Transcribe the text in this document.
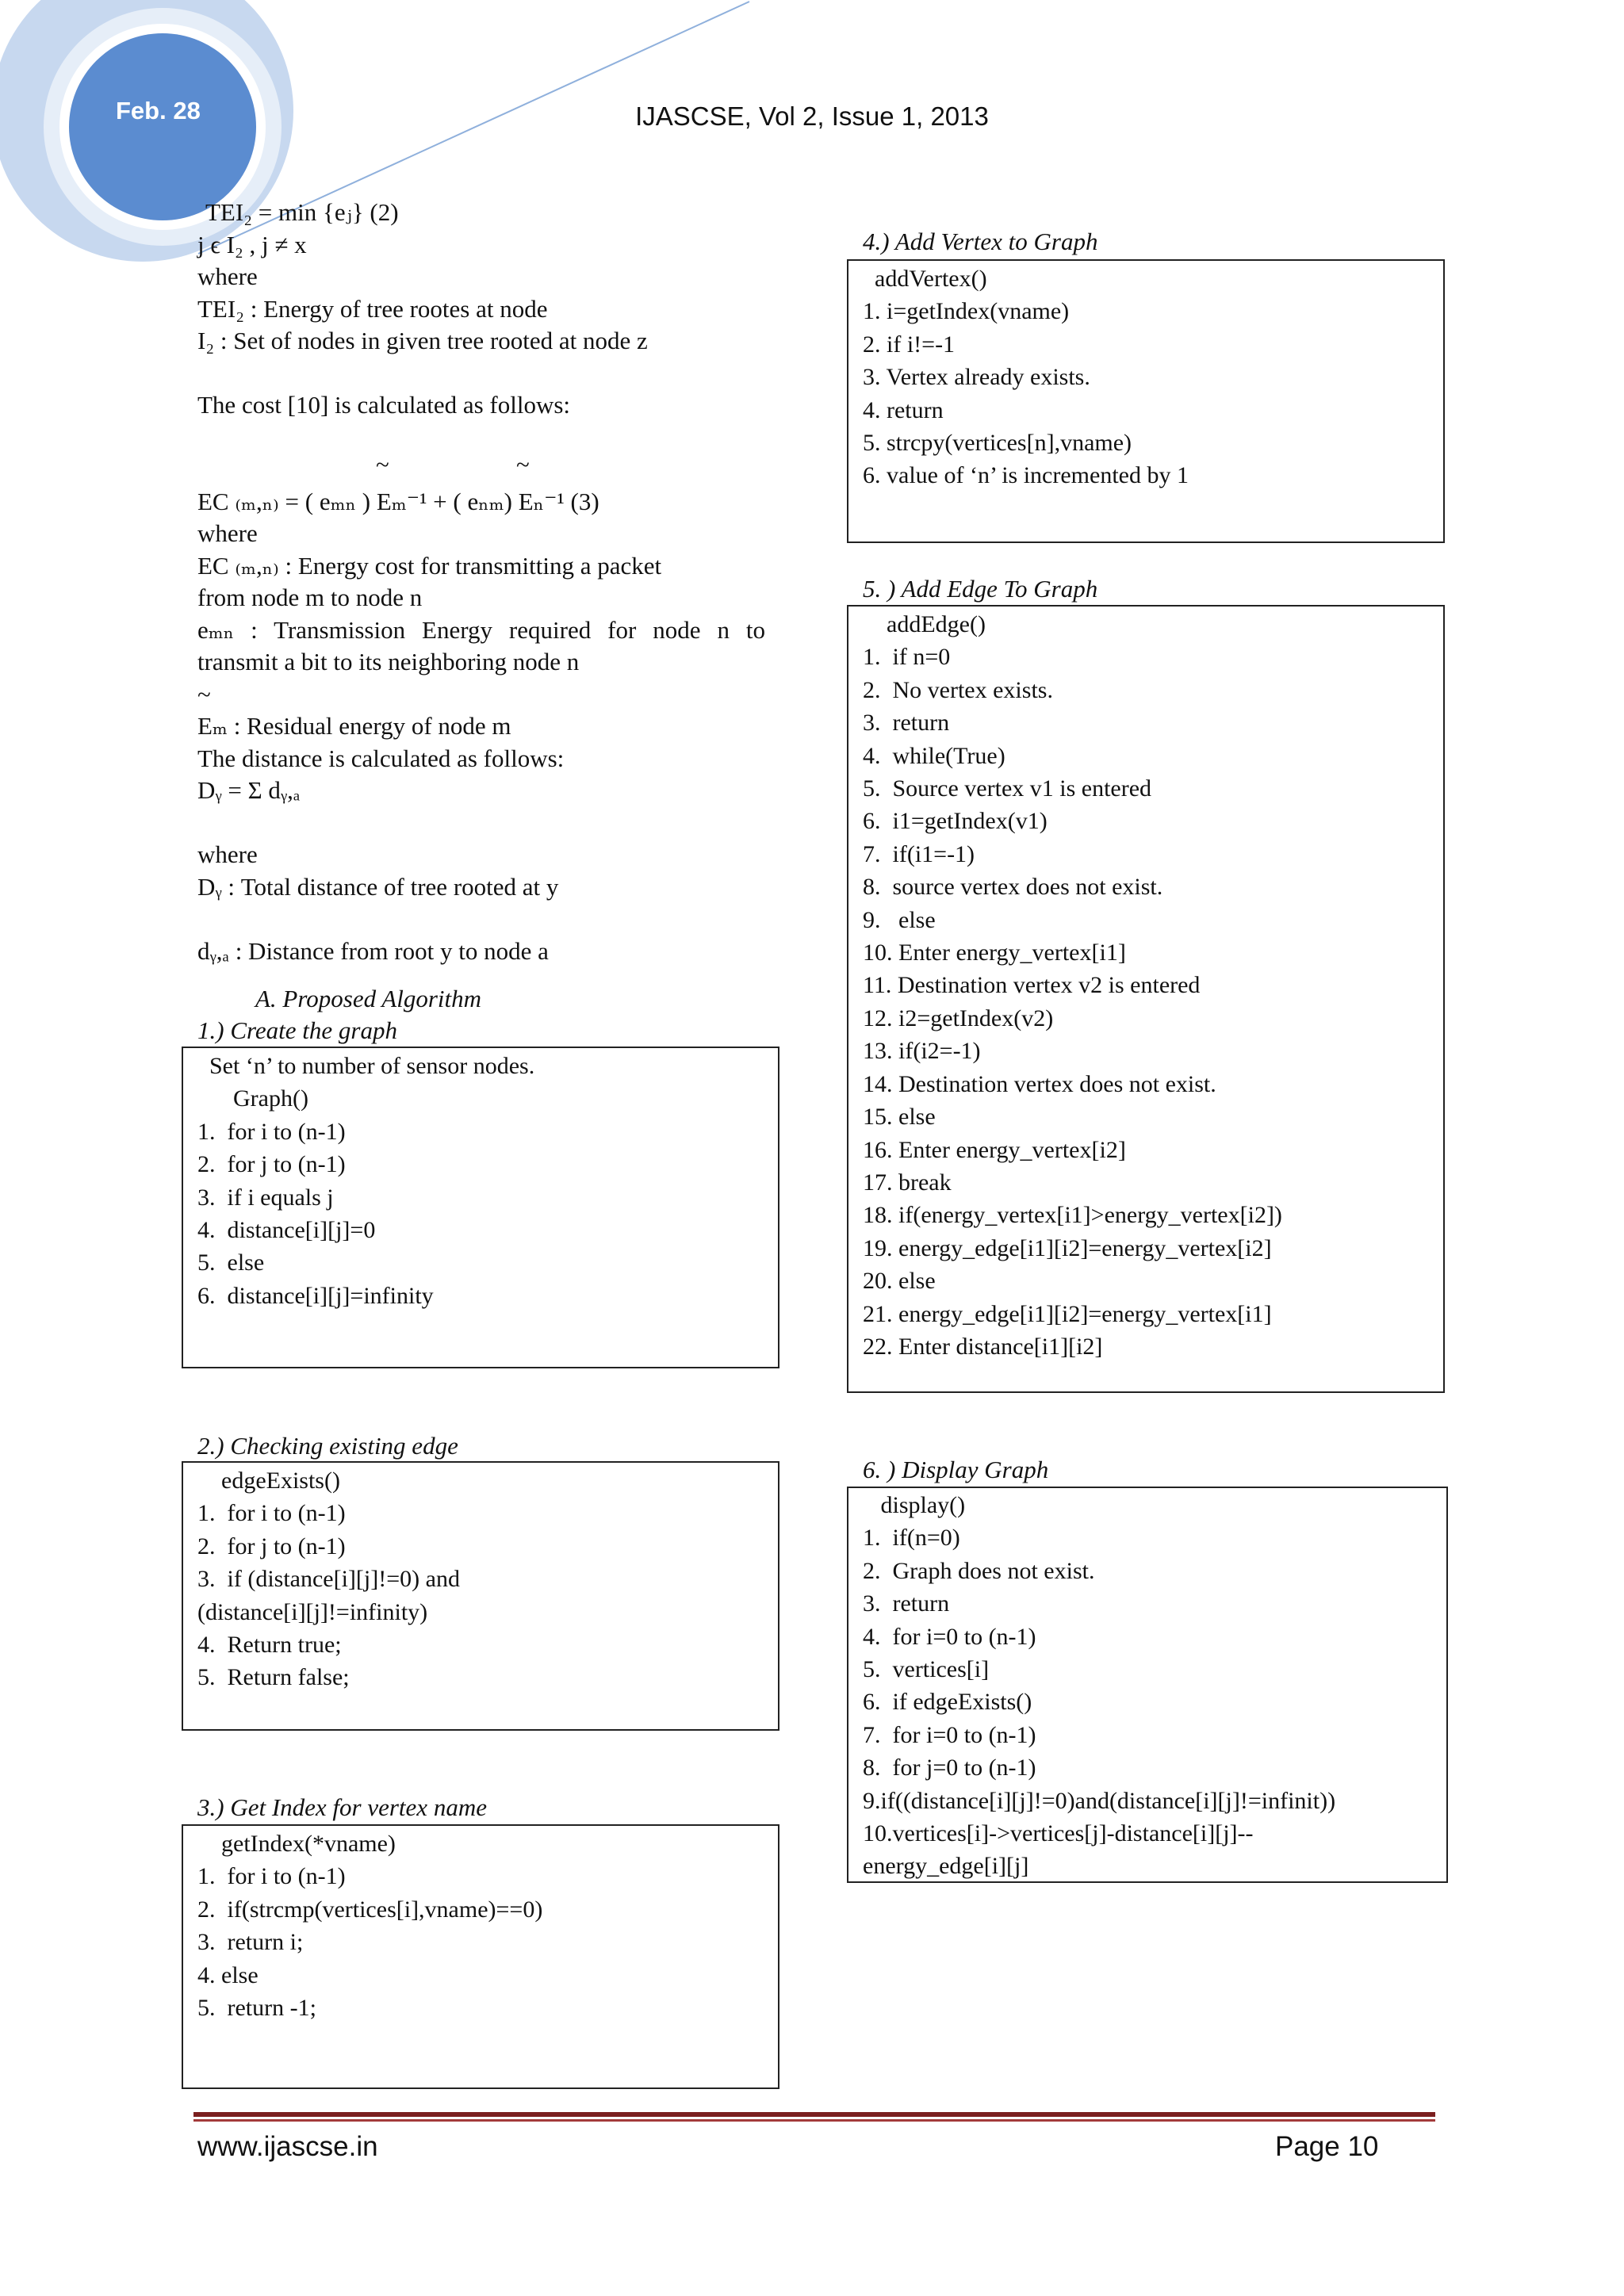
Feb. 28	IJASCSE, Vol 2, Issue 1, 2013
TEI₂ = min {eⱼ} (2)
j ϵ I₂ , j ≠ x
where
TEI₂ : Energy of tree rootes at node
I₂ : Set of nodes in given tree rooted at node z

The cost [10] is calculated as follows:

EC ₍ₘ,ₙ₎ = ( eₘₙ ) Eₘ⁻¹ + ( eₙₘ) Eₙ⁻¹ (3)
where
EC ₍ₘ,ₙ₎ : Energy cost for transmitting a packet
from node m to node n
eₘₙ : Transmission Energy required for node n to
transmit a bit to its neighboring node n
~
Eₘ : Residual energy of node m
The distance is calculated as follows:
Dᵧ = Σ dᵧ,ₐ

where
Dᵧ : Total distance of tree rooted at y

dᵧ,ₐ : Distance from root y to node a
~	~
A. Proposed Algorithm
1.) Create the graph
Set ‘n’ to number of sensor nodes.
Graph()
1.  for i to (n-1)
2.  for j to (n-1)
3.  if i equals j
4.  distance[i][j]=0
5.  else
6.  distance[i][j]=infinity
2.) Checking existing edge
edgeExists()
1.  for i to (n-1)
2.  for j to (n-1)
3.  if (distance[i][j]!=0) and
(distance[i][j]!=infinity)
4.  Return true;
5.  Return false;
3.) Get Index for vertex name
getIndex(*vname)
1.  for i to (n-1)
2.  if(strcmp(vertices[i],vname)==0)
3.  return i;
4. else
5.  return -1;
4.) Add Vertex to Graph
addVertex()
1. i=getIndex(vname)
2. if i!=-1
3. Vertex already exists.
4. return
5. strcpy(vertices[n],vname)
6. value of ‘n’ is incremented by 1
5. ) Add Edge To Graph
addEdge()
1.  if n=0
2.  No vertex exists.
3.  return
4.  while(True)
5.  Source vertex v1 is entered
6.  i1=getIndex(v1)
7.  if(i1=-1)
8.  source vertex does not exist.
9.   else
10. Enter energy_vertex[i1]
11. Destination vertex v2 is entered
12. i2=getIndex(v2)
13. if(i2=-1)
14. Destination vertex does not exist.
15. else
16. Enter energy_vertex[i2]
17. break
18. if(energy_vertex[i1]>energy_vertex[i2])
19. energy_edge[i1][i2]=energy_vertex[i2]
20. else
21. energy_edge[i1][i2]=energy_vertex[i1]
22. Enter distance[i1][i2]
6. ) Display Graph
display()
1.  if(n=0)
2.  Graph does not exist.
3.  return
4.  for i=0 to (n-1)
5.  vertices[i]
6.  if edgeExists()
7.  for i=0 to (n-1)
8.  for j=0 to (n-1)
9.if((distance[i][j]!=0)and(distance[i][j]!=infinit))
10.vertices[i]->vertices[j]-distance[i][j]--
energy_edge[i][j]
www.ijascse.in	Page 10
